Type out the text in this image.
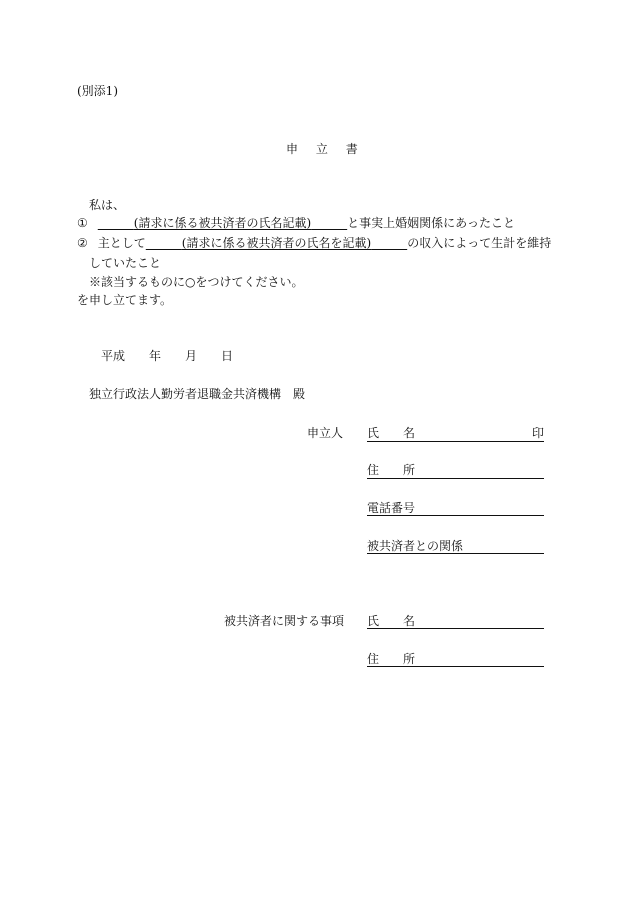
(別添1)
申 立 書
私は、
①　　　	(請求に係る被共済者の氏名記載)　　　	と事実上婚姻関係にあったこと
② 主として　　　	(請求に係る被共済者の氏名を記載)　　　	の収入によって生計を維持
していたこと
※該当するものに○をつけてください。
を申し立てます。
平成 年 月 日
独立行政法人勤労者退職金共済機構　殿
申立人 氏　　名	印
住　　所
電話番号
被共済者との関係
被共済者に関する事項 氏　　名
住　　所
